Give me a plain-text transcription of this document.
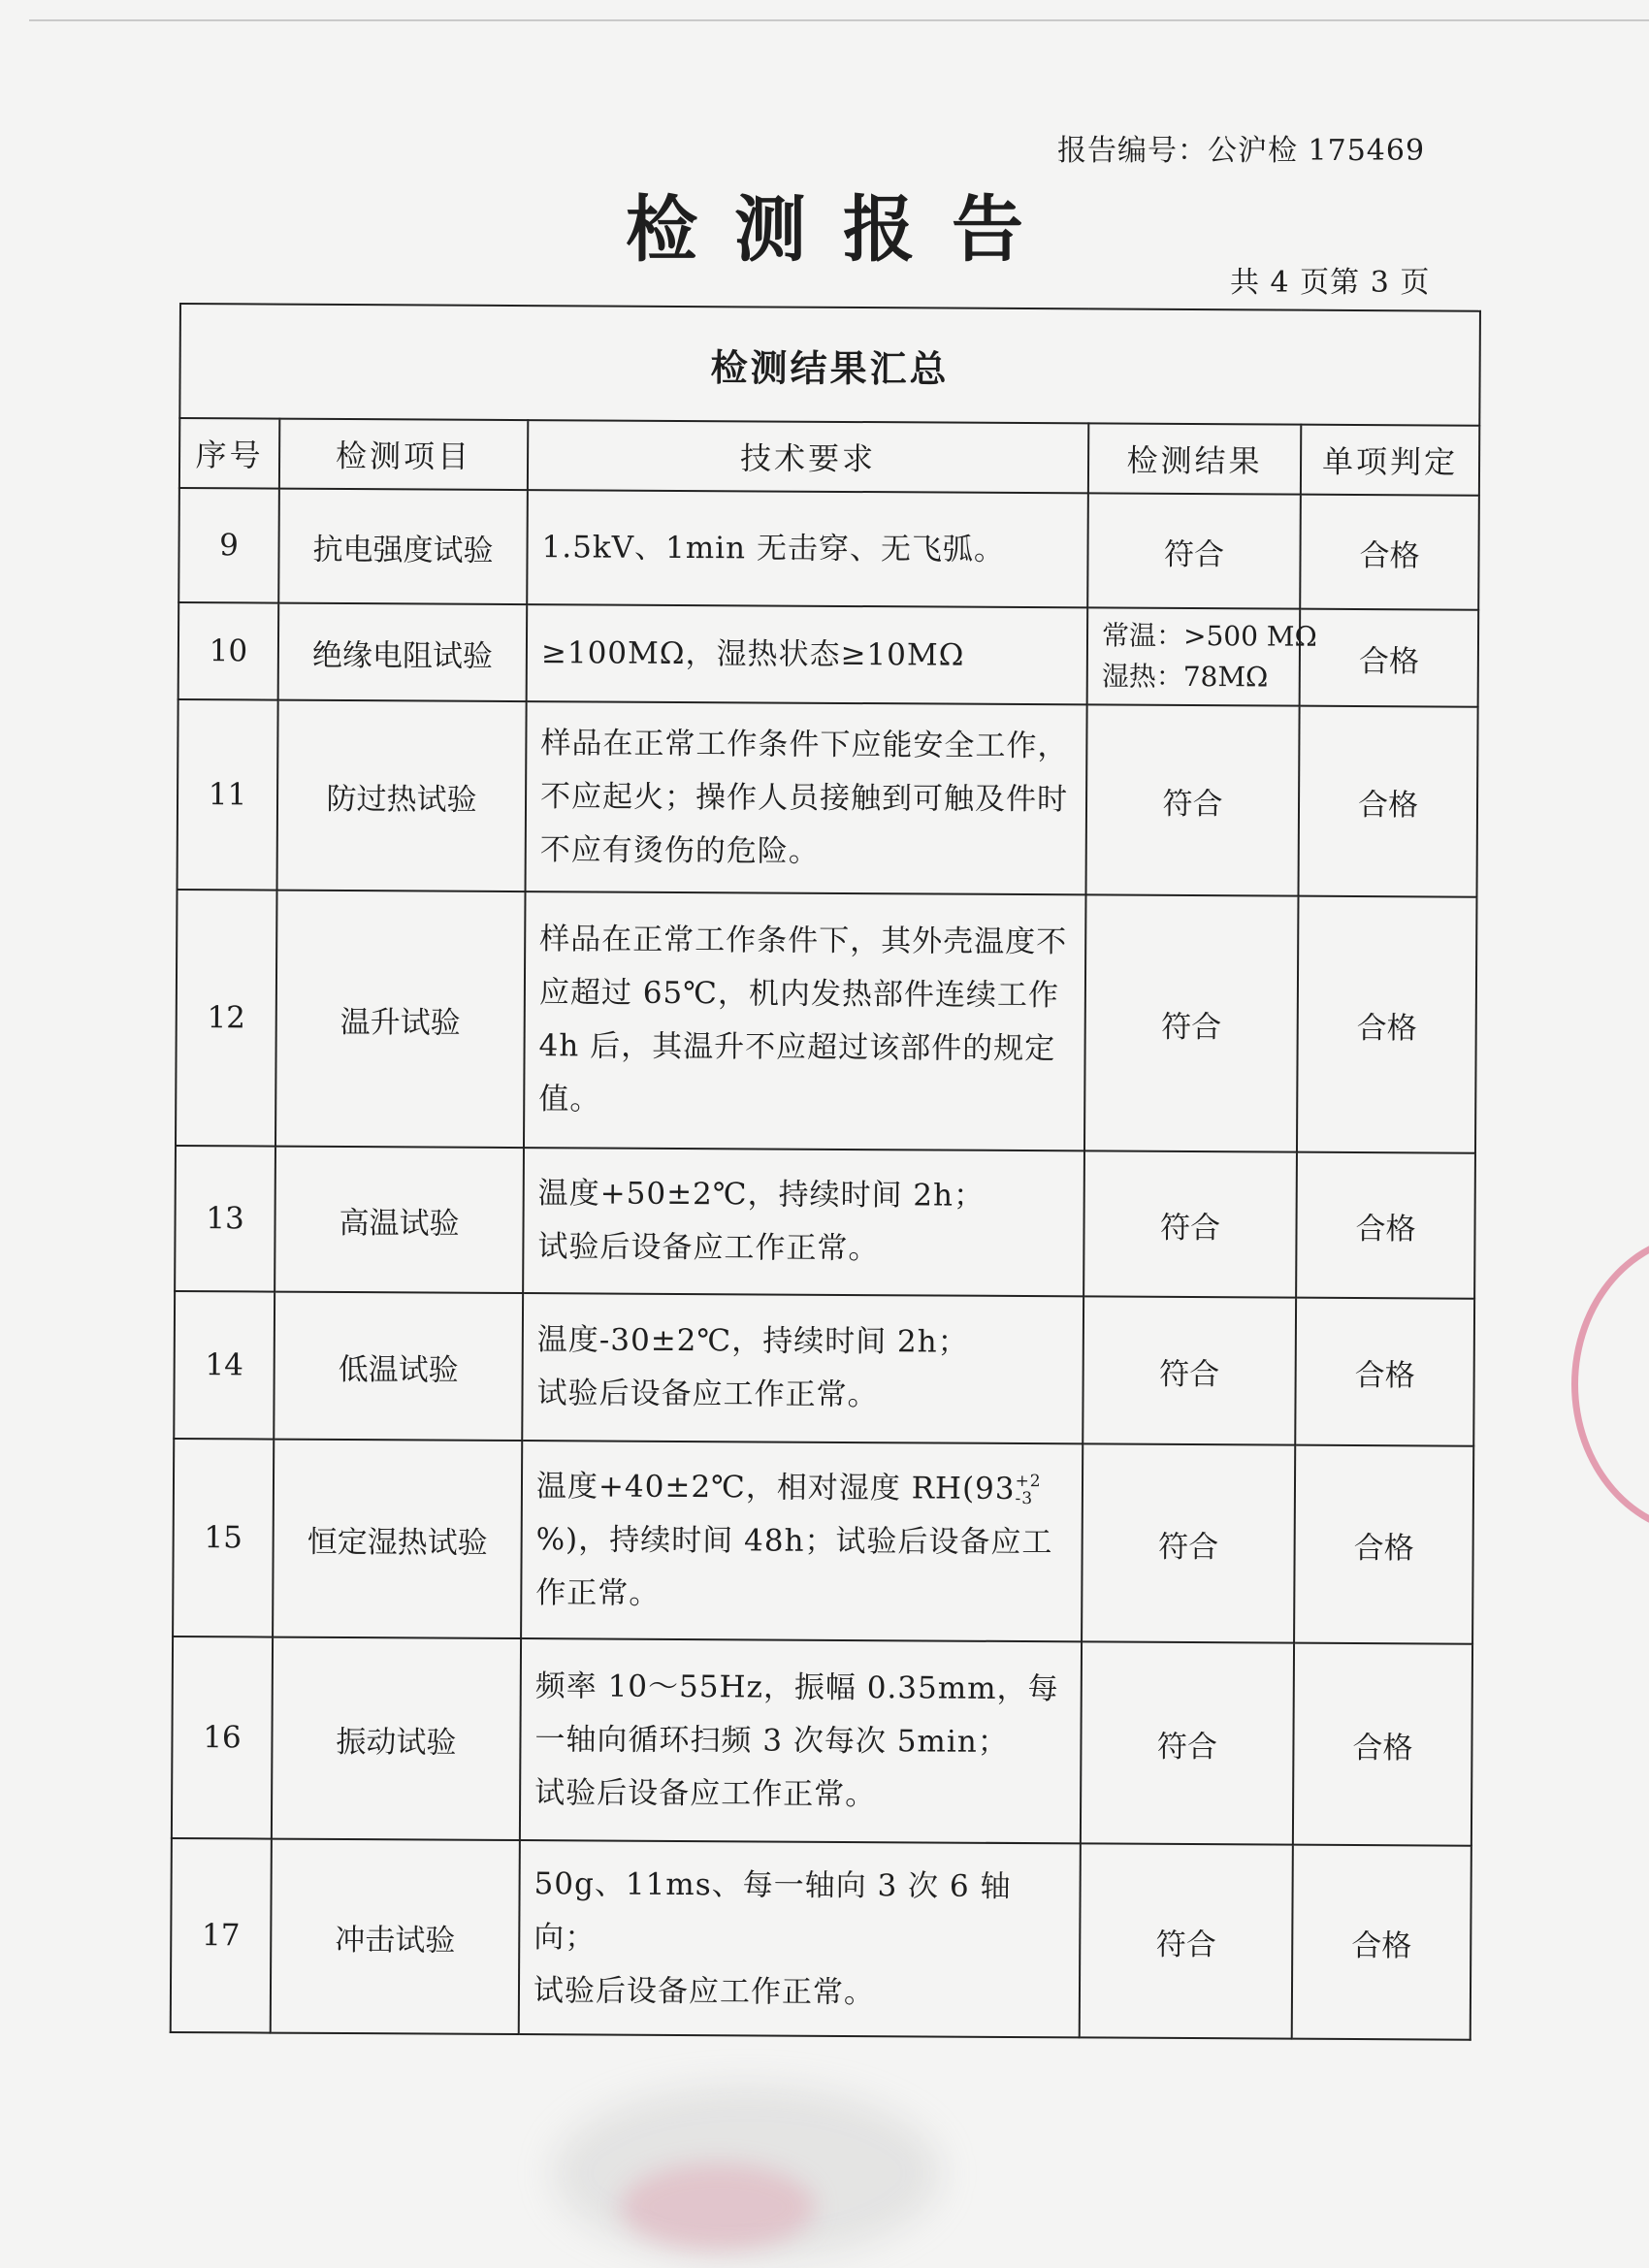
报告编号：公沪检 175469
检测报告
共 4 页第 3 页
检测结果汇总				
序号	检测项目	技术要求	检测结果	单项判定
9	抗电强度试验	1.5kV、1min 无击穿、无飞弧。	符合	合格
10	绝缘电阻试验	≥100MΩ，湿热状态≥10MΩ	常温：>500 MΩ
湿热：78MΩ	合格
11	防过热试验	样品在正常工作条件下应能安全工作，不应起火；操作人员接触到可触及件时不应有烫伤的危险。	符合	合格
12	温升试验	样品在正常工作条件下，其外壳温度不应超过 65℃，机内发热部件连续工作 4h 后，其温升不应超过该部件的规定值。	符合	合格
13	高温试验	温度+50±2℃，持续时间 2h；
试验后设备应工作正常。	符合	合格
14	低温试验	温度-30±2℃，持续时间 2h；
试验后设备应工作正常。	符合	合格
15	恒定湿热试验	温度+40±2℃，相对湿度 RH(93 +2
-3
%)，持续时间 48h；试验后设备应工作正常。	符合	合格
16	振动试验	频率 10～55Hz，振幅 0.35mm，每一轴向循环扫频 3 次每次 5min；
试验后设备应工作正常。	符合	合格
17	冲击试验	50g、11ms、每一轴向 3 次 6 轴向；
试验后设备应工作正常。	符合	合格
